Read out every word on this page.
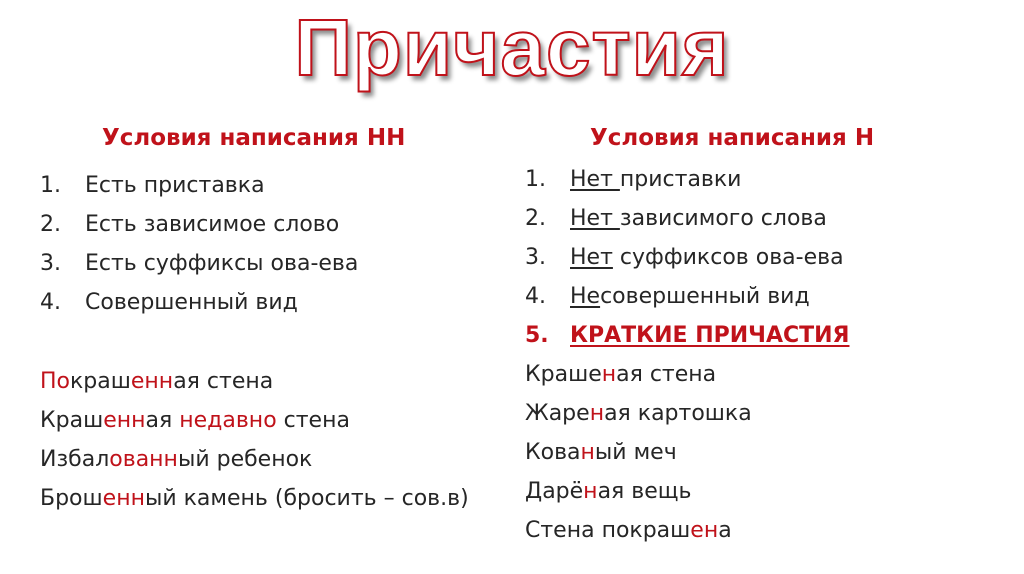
Причастия
Условия написания НН
1. Есть приставка
2. Есть зависимое слово
3. Есть суффиксы ова-ева
4. Совершенный вид
Покрашенная стена
Крашенная недавно стена
Избалованный ребенок
Брошенный камень (бросить – сов.в)
Условия написания Н
1. Нет приставки
2. Нет зависимого слова
3. Нет суффиксов ова-ева
4. Несовершенный вид
5. КРАТКИЕ ПРИЧАСТИЯ
Крашеная стена
Жареная картошка
Кованый меч
Дарёная вещь
Стена покрашена
